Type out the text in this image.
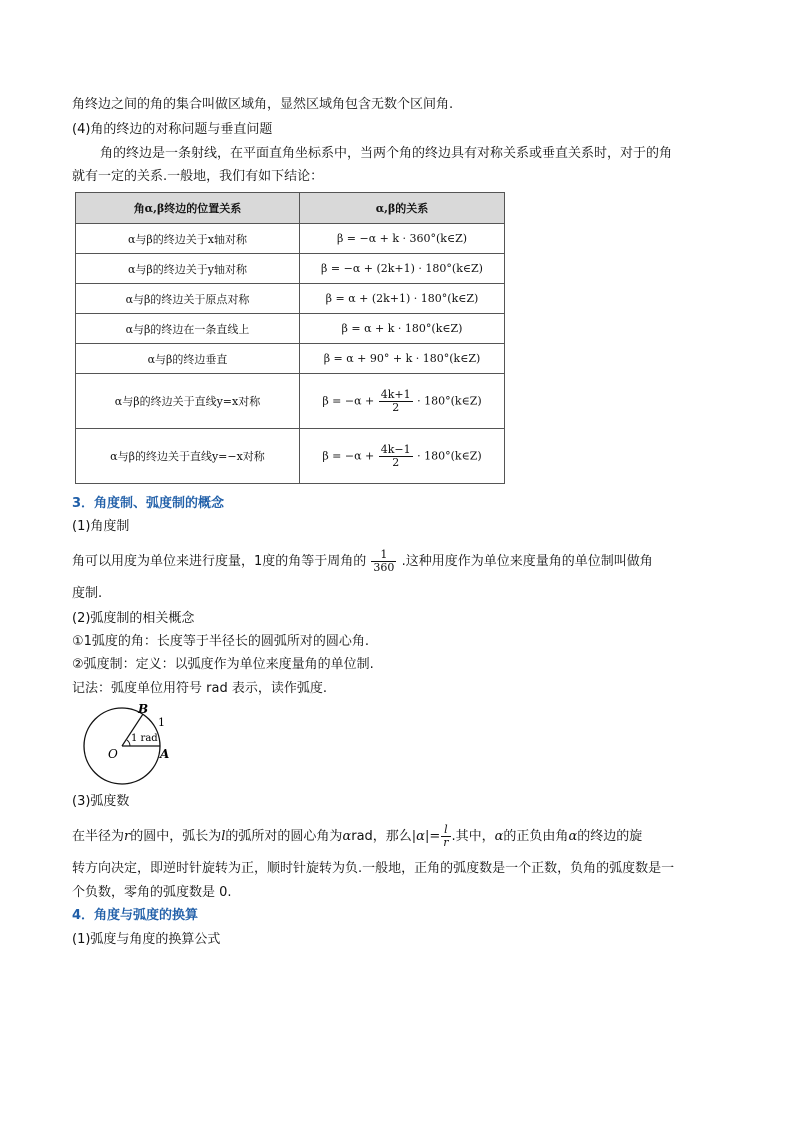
角终边之间的角的集合叫做区域角，显然区域角包含无数个区间角.
(4)角的终边的对称问题与垂直问题
角的终边是一条射线，在平面直角坐标系中，当两个角的终边具有对称关系或垂直关系时，对于的角
就有一定的关系.一般地，我们有如下结论：
角α,β终边的位置关系	α,β的关系
α与β的终边关于x轴对称	β = −α + k · 360°(k∈Z)
α与β的终边关于y轴对称	β = −α + (2k+1) · 180°(k∈Z)
α与β的终边关于原点对称	β = α + (2k+1) · 180°(k∈Z)
α与β的终边在一条直线上	β = α + k · 180°(k∈Z)
α与β的终边垂直	β = α + 90° + k · 180°(k∈Z)
α与β的终边关于直线y=x对称	$\beta = -\alpha + \frac{4k+1}{2}$ · 180°(k∈Z)
α与β的终边关于直线y=−x对称	$\beta = -\alpha + \frac{4k-1}{2}$ · 180°(k∈Z)
3．角度制、弧度制的概念
(1)角度制
角可以用度为单位来进行度量，1度的角等于周角的 $\frac{1}{360}$ .这种用度作为单位来度量角的单位制叫做角
度制.
(2)弧度制的相关概念
①1弧度的角：长度等于半径长的圆弧所对的圆心角.
②弧度制：定义：以弧度作为单位来度量角的单位制.
记法：弧度单位用符号 rad 表示，读作弧度.
B
1
1 rad
A
O
(3)弧度数
在半径为r的圆中，弧长为l的弧所对的圆心角为αrad，那么$|\alpha|= \frac{l}{r}$ .其中，α的正负由角α的终边的旋
转方向决定，即逆时针旋转为正，顺时针旋转为负.一般地，正角的弧度数是一个正数，负角的弧度数是一
个负数，零角的弧度数是 0.
4．角度与弧度的换算
(1)弧度与角度的换算公式
